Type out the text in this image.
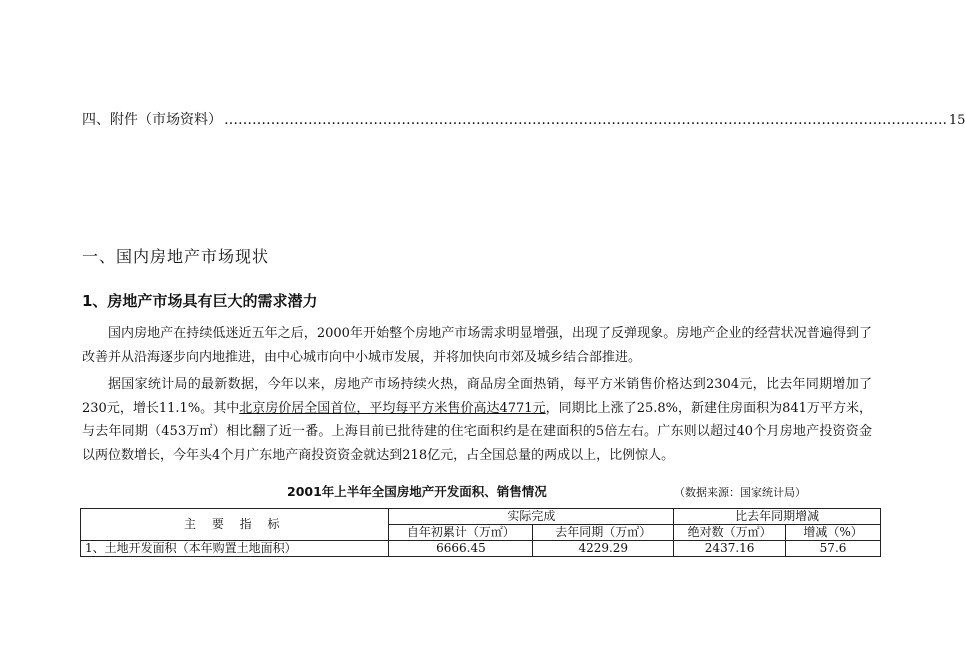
四、附件（市场资料） ……………………………………………………………………………………………………………………………………….. 15
一、国内房地产市场现状
1、房地产市场具有巨大的需求潜力

国内房地产在持续低迷近五年之后，2000年开始整个房地产市场需求明显增强，出现了反弹现象。房地产企业的经营状况普遍得到了改善并从沿海逐步向内地推进，由中心城市向中小城市发展，并将加快向市郊及城乡结合部推进。

据国家统计局的最新数据，今年以来，房地产市场持续火热，商品房全面热销，每平方米销售价格达到2304元，比去年同期增加了230元，增长11.1%。其中北京房价居全国首位，平均每平方米售价高达4771元，同期比上涨了25.8%，新建住房面积为841万平方米，与去年同期（453万㎡）相比翻了近一番。上海目前已批待建的住宅面积约是在建面积的5倍左右。广东则以超过40个月房地产投资资金以两位数增长，今年头4个月广东地产商投资资金就达到218亿元，占全国总量的两成以上，比例惊人。

2001年上半年全国房地产开发面积、销售情况	（数据来源：国家统计局）
主 要 指 标	实际完成		比去年同期增减	
	自年初累计（万㎡）	去年同期（万㎡）	绝对数（万㎡）	增减（%）
1、土地开发面积（本年购置土地面积）	6666.45	4229.29	2437.16	57.6
